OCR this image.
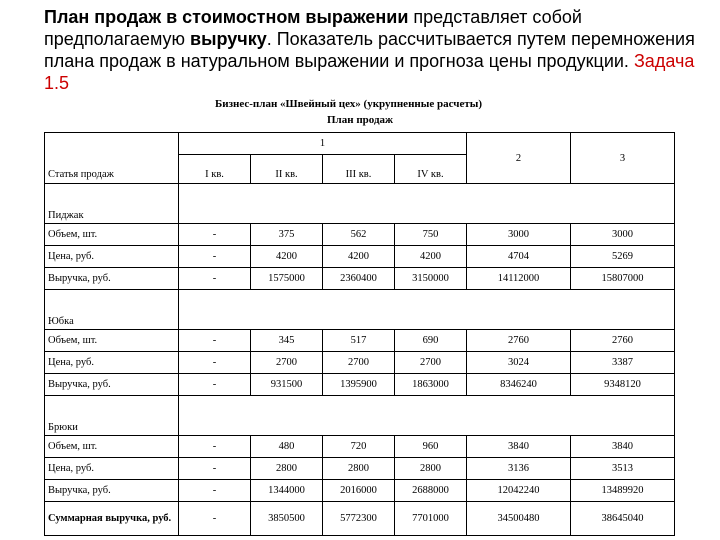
План продаж в стоимостном выражении представляет собой предполагаемую выручку. Показатель рассчитывается путем перемножения плана продаж в натуральном выражении и прогноза цены продукции. Задача 1.5
Бизнес-план «Швейный цех» (укрупненные расчеты)
План продаж
Статья продаж	1				2	3
	I кв.	II кв.	III кв.	IV кв.		
Пиджак						
Объем, шт.	-	375	562	750	3000	3000
Цена, руб.	-	4200	4200	4200	4704	5269
Выручка, руб.	-	1575000	2360400	3150000	14112000	15807000
Юбка						
Объем, шт.	-	345	517	690	2760	2760
Цена, руб.	-	2700	2700	2700	3024	3387
Выручка, руб.	-	931500	1395900	1863000	8346240	9348120
Брюки						
Объем, шт.	-	480	720	960	3840	3840
Цена, руб.	-	2800	2800	2800	3136	3513
Выручка, руб.	-	1344000	2016000	2688000	12042240	13489920
Суммарная выручка, руб.	-	3850500	5772300	7701000	34500480	38645040
